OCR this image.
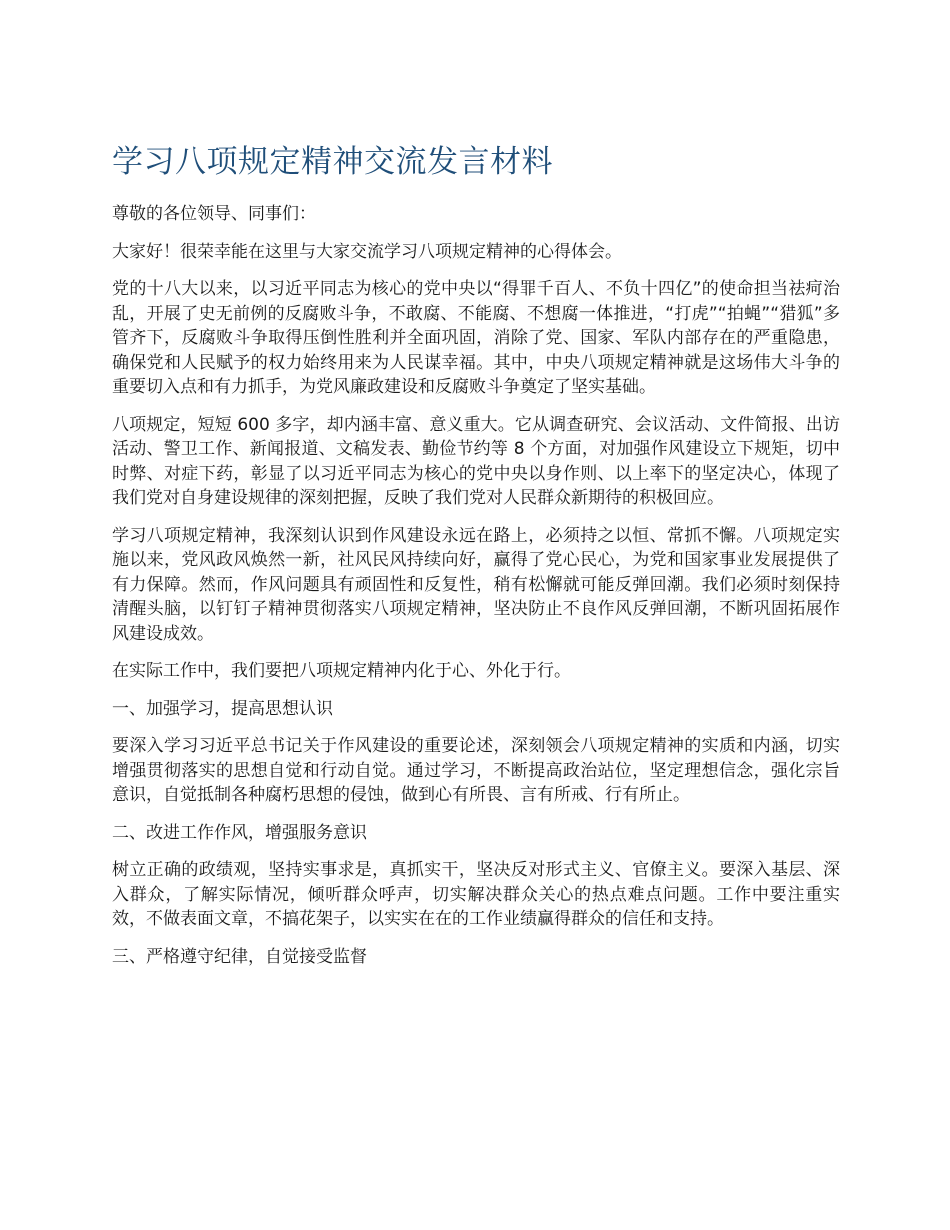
学习八项规定精神交流发言材料

尊敬的各位领导、同事们：

大家好！很荣幸能在这里与大家交流学习八项规定精神的心得体会。

党的十八大以来，以习近平同志为核心的党中央以“得罪千百人、不负十四亿”的使命担当祛疴治乱，开展了史无前例的反腐败斗争，不敢腐、不能腐、不想腐一体推进，“打虎”“拍蝇”“猎狐”多管齐下，反腐败斗争取得压倒性胜利并全面巩固，消除了党、国家、军队内部存在的严重隐患，确保党和人民赋予的权力始终用来为人民谋幸福。其中，中央八项规定精神就是这场伟大斗争的重要切入点和有力抓手，为党风廉政建设和反腐败斗争奠定了坚实基础。

八项规定，短短 600 多字，却内涵丰富、意义重大。它从调查研究、会议活动、文件简报、出访活动、警卫工作、新闻报道、文稿发表、勤俭节约等 8 个方面，对加强作风建设立下规矩，切中时弊、对症下药，彰显了以习近平同志为核心的党中央以身作则、以上率下的坚定决心，体现了我们党对自身建设规律的深刻把握，反映了我们党对人民群众新期待的积极回应。

学习八项规定精神，我深刻认识到作风建设永远在路上，必须持之以恒、常抓不懈。八项规定实施以来，党风政风焕然一新，社风民风持续向好，赢得了党心民心，为党和国家事业发展提供了有力保障。然而，作风问题具有顽固性和反复性，稍有松懈就可能反弹回潮。我们必须时刻保持清醒头脑，以钉钉子精神贯彻落实八项规定精神，坚决防止不良作风反弹回潮，不断巩固拓展作风建设成效。

在实际工作中，我们要把八项规定精神内化于心、外化于行。

一、加强学习，提高思想认识

要深入学习习近平总书记关于作风建设的重要论述，深刻领会八项规定精神的实质和内涵，切实增强贯彻落实的思想自觉和行动自觉。通过学习，不断提高政治站位，坚定理想信念，强化宗旨意识，自觉抵制各种腐朽思想的侵蚀，做到心有所畏、言有所戒、行有所止。

二、改进工作作风，增强服务意识

树立正确的政绩观，坚持实事求是，真抓实干，坚决反对形式主义、官僚主义。要深入基层、深入群众，了解实际情况，倾听群众呼声，切实解决群众关心的热点难点问题。工作中要注重实效，不做表面文章，不搞花架子，以实实在在的工作业绩赢得群众的信任和支持。

三、严格遵守纪律，自觉接受监督
